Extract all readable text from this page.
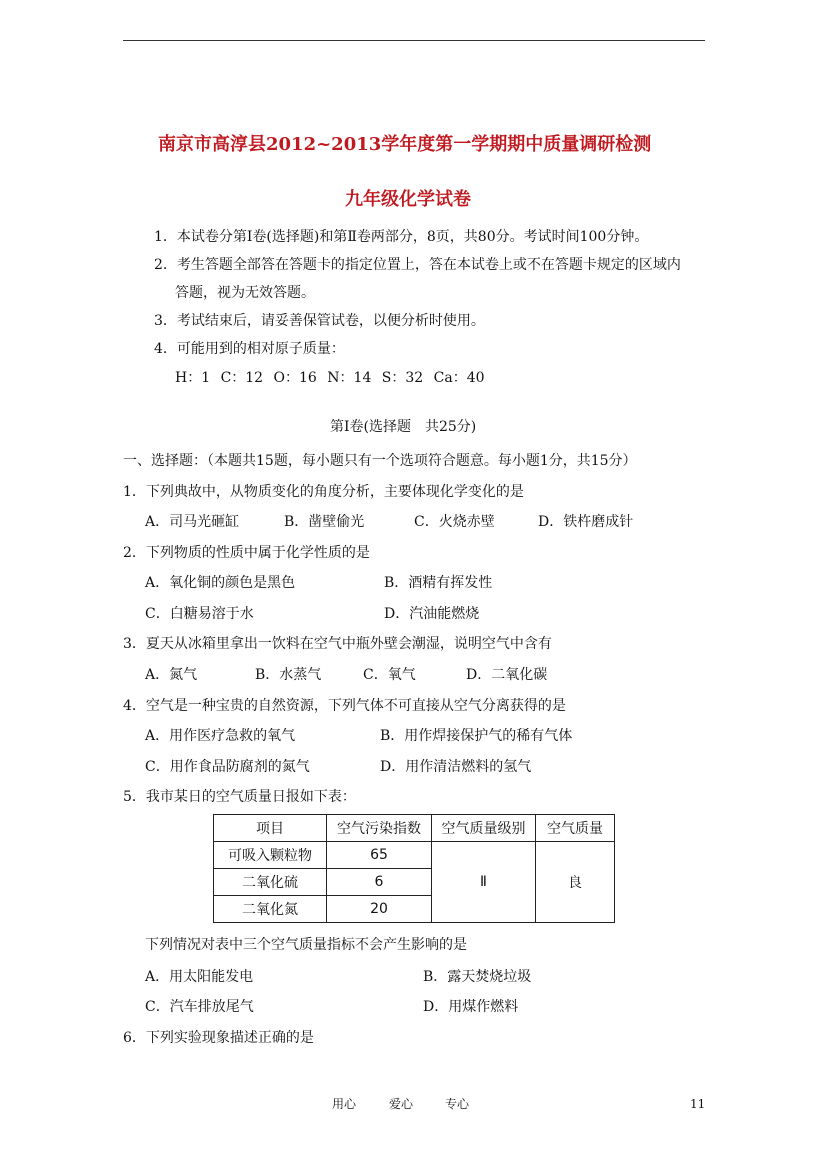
南京市高淳县2012~2013学年度第一学期期中质量调研检测
九年级化学试卷
1．本试卷分第Ⅰ卷(选择题)和第Ⅱ卷两部分，8页，共80分。考试时间100分钟。
2．考生答题全部答在答题卡的指定位置上，答在本试卷上或不在答题卡规定的区域内
答题，视为无效答题。
3．考试结束后，请妥善保管试卷，以便分析时使用。
4．可能用到的相对原子质量：
H：1 C：12 O：16 N：14 S：32 Ca：40
第Ⅰ卷(选择题　共25分)
一、选择题：（本题共15题，每小题只有一个选项符合题意。每小题1分，共15分）
1．下列典故中，从物质变化的角度分析，主要体现化学变化的是
A．司马光砸缸	B．凿壁偷光	C．火烧赤壁	D．铁杵磨成针
2．下列物质的性质中属于化学性质的是
A．氧化铜的颜色是黑色	B．酒精有挥发性
C．白糖易溶于水	D．汽油能燃烧
3．夏天从冰箱里拿出一饮料在空气中瓶外壁会潮湿，说明空气中含有
A．氮气	B．水蒸气	C．氧气	D．二氧化碳
4．空气是一种宝贵的自然资源，下列气体不可直接从空气分离获得的是
A．用作医疗急救的氧气	B．用作焊接保护气的稀有气体
C．用作食品防腐剂的氮气	D．用作清洁燃料的氢气
5．我市某日的空气质量日报如下表：
项目	空气污染指数	空气质量级别	空气质量
可吸入颗粒物	65	Ⅱ	良
二氧化硫	6		
二氧化氮	20		
下列情况对表中三个空气质量指标不会产生影响的是
A．用太阳能发电	B．露天焚烧垃圾
C．汽车排放尾气	D．用煤作燃料
6．下列实验现象描述正确的是
用心	爱心	专心	11
